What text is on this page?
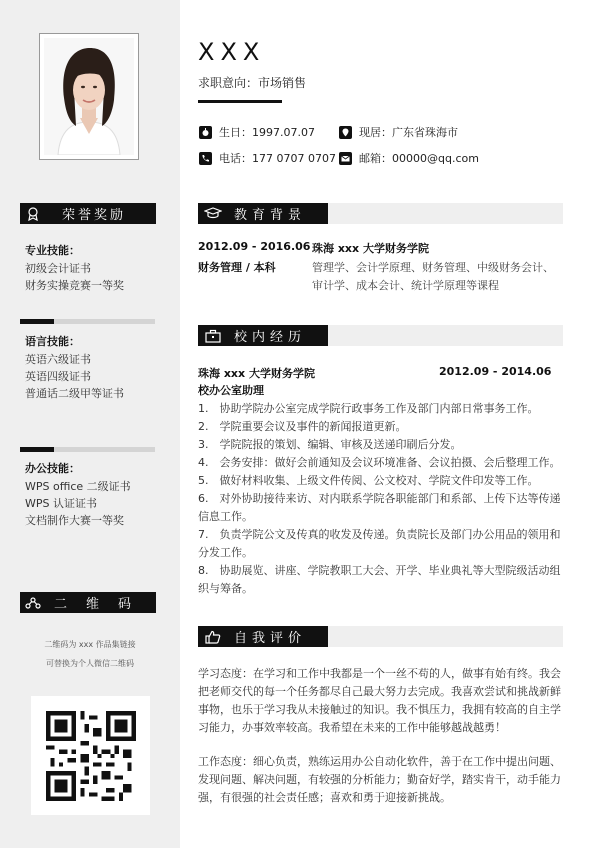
荣誉奖励
专业技能：
初级会计证书
财务实操竞赛一等奖
语言技能：
英语六级证书
英语四级证书
普通话二级甲等证书
办公技能：
WPS office 二级证书
WPS 认证证书
文档制作大赛一等奖
二　维　码
二维码为 xxx 作品集链接
可替换为个人微信二维码
XXX
求职意向：市场销售
生日：1997.07.07	现居：广东省珠海市
电话：177 0707 0707 邮箱：00000@qq.com
教育背景
2012.09 - 2016.06 珠海 xxx 大学财务学院
财务管理 / 本科	管理学、会计学原理、财务管理、中级财务会计、审计学、成本会计、统计学原理等课程
校内经历
珠海 xxx 大学财务学院	2012.09 - 2014.06
校办公室助理
1.　协助学院办公室完成学院行政事务工作及部门内部日常事务工作。
2.　学院重要会议及事件的新闻报道更新。
3.　学院院报的策划、编辑、审核及送递印刷后分发。
4.　会务安排：做好会前通知及会议环境准备、会议拍摄、会后整理工作。
5.　做好材料收集、上级文件传阅、公文校对、学院文件印发等工作。
6.　对外协助接待来访、对内联系学院各职能部门和系部、上传下达等传递信息工作。
7.　负责学院公文及传真的收发及传递。负责院长及部门办公用品的领用和分发工作。
8.　协助展览、讲座、学院教职工大会、开学、毕业典礼等大型院级活动组织与筹备。
自我评价

学习态度：在学习和工作中我都是一个一丝不苟的人，做事有始有终。我会把老师交代的每一个任务都尽自己最大努力去完成。我喜欢尝试和挑战新鲜事物，也乐于学习我从未接触过的知识。我不惧压力，我拥有较高的自主学习能力，办事效率较高。我希望在未来的工作中能够越战越勇！

工作态度：细心负责，熟练运用办公自动化软件，善于在工作中提出问题、发现问题、解决问题，有较强的分析能力；勤奋好学，踏实肯干，动手能力强，有很强的社会责任感；喜欢和勇于迎接新挑战。
